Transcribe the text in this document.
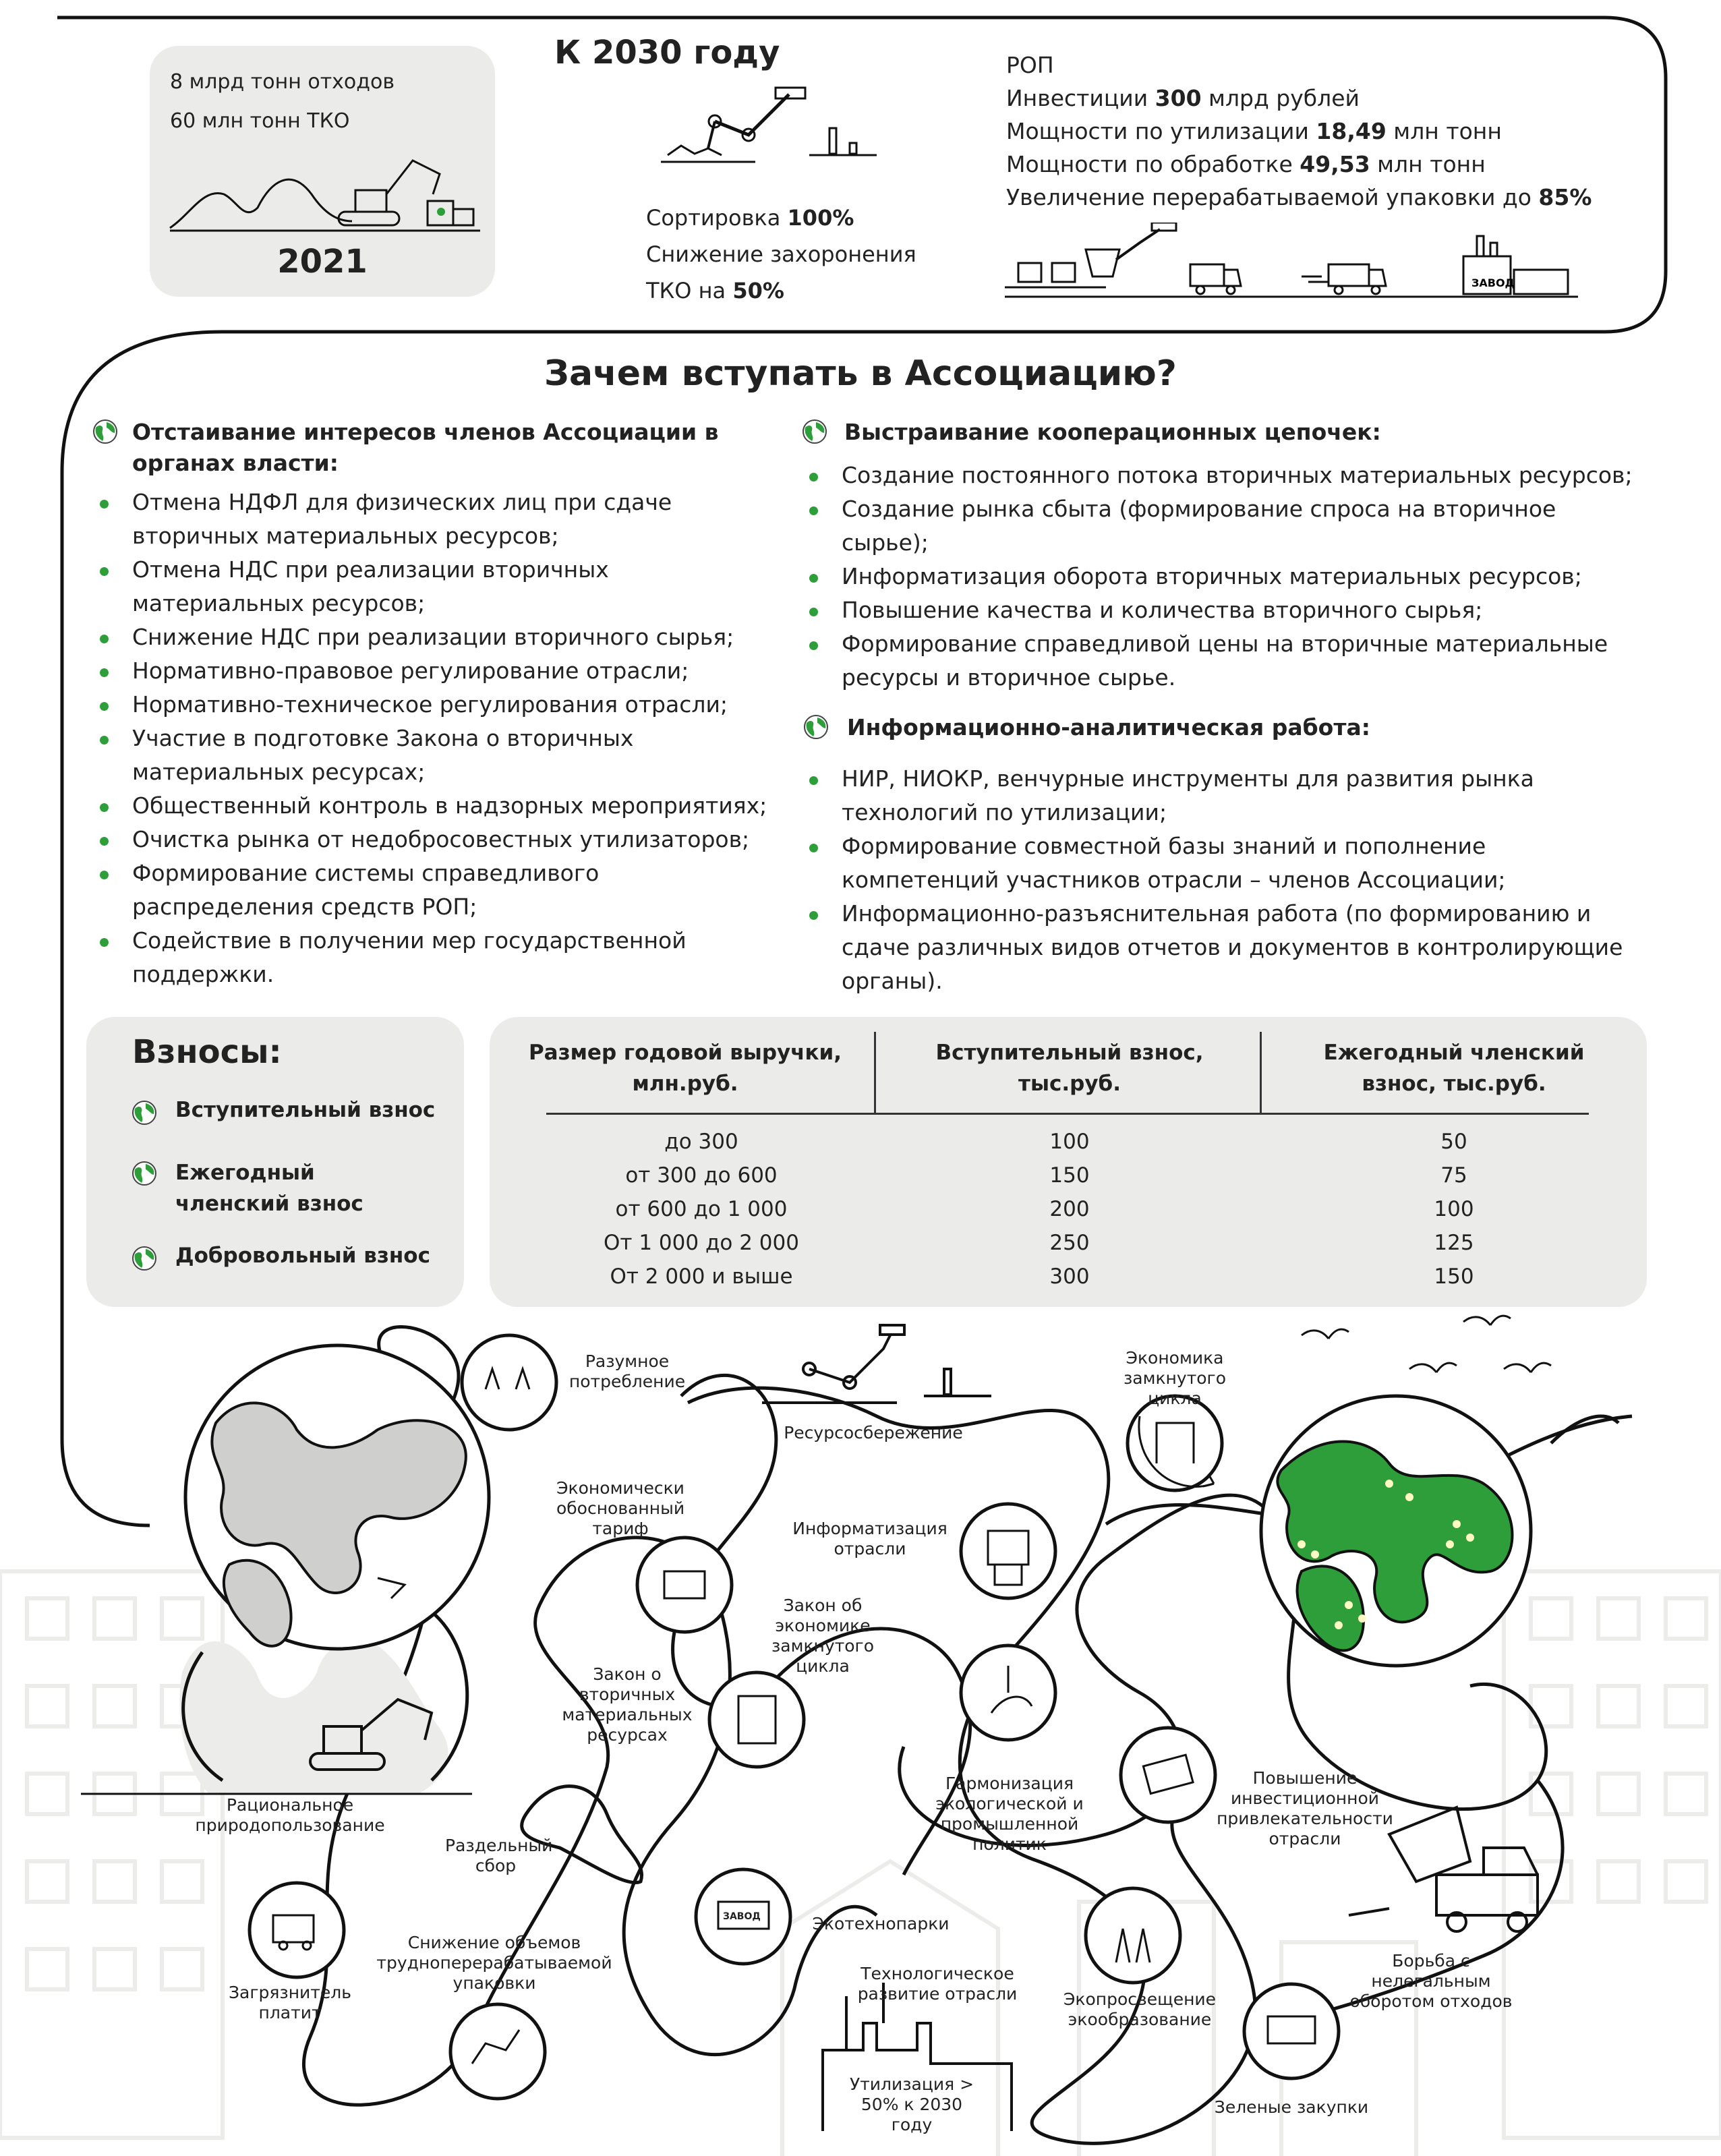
8 млрд тонн отходов
60 млн тонн ТКО
2021
К 2030 году
Сортировка 100%
Снижение захоронения
ТКО на 50%
РОП
Инвестиции 300 млрд рублей
Мощности по утилизации 18,49 млн тонн
Мощности по обработке 49,53 млн тонн
Увеличение перерабатываемой упаковки до 85%
ЗАВОД
Зачем вступать в Ассоциацию?
Отстаивание интересов членов Ассоциации в органах власти:
Отмена НДФЛ для физических лиц при сдаче вторичных материальных ресурсов;
Отмена НДС при реализации вторичных материальных ресурсов;
Снижение НДС при реализации вторичного сырья;
Нормативно-правовое регулирование отрасли;
Нормативно-техническое регулирования отрасли;
Участие в подготовке Закона о вторичных материальных ресурсах;
Общественный контроль в надзорных мероприятиях;
Очистка рынка от недобросовестных утилизаторов;
Формирование системы справедливого распределения средств РОП;
Содействие в получении мер государственной поддержки.
Выстраивание кооперационных цепочек:
Создание постоянного потока вторичных материальных ресурсов;
Создание рынка сбыта (формирование спроса на вторичное сырье);
Информатизация оборота вторичных материальных ресурсов;
Повышение качества и количества вторичного сырья;
Формирование справедливой цены на вторичные материальные ресурсы и вторичное сырье.
Информационно-аналитическая работа:
НИР, НИОКР, венчурные инструменты для развития рынка технологий по утилизации;
Формирование совместной базы знаний и пополнение компетенций участников отрасли – членов Ассоциации;
Информационно-разъяснительная работа (по формированию и сдаче различных видов отчетов и документов в контролирующие органы).
Взносы:
Вступительный взнос
Ежегодный членский взнос
Добровольный взнос
Размер годовой выручки, млн.руб.
Вступительный взнос, тыс.руб.
Ежегодный членский взнос, тыс.руб.
до 300	100	50
от 300 до 600	150	75
от 600 до 1 000	200	100
От 1 000 до 2 000	250	125
От 2 000 и выше	300	150
Разумное потребление
Ресурсосбережение
Экономика замкнутого цикла
Экономически обоснованный тариф	Информатизация отрасли
Закон об экономике замкнутого цикла
Закон о вторичных материальных ресурсах
Гармонизация экологической и промышленной политик
Повышение инвестиционной привлекательности отрасли
Рациональное природопользование
Раздельный сбор
Экотехнопарки
Борьба с нелегальным оборотом отходов
Загрязнитель платит
Снижение объемов трудноперерабатываемой упаковки	Технологическое развитие отрасли	Экопросвещение экообразование
Утилизация > 50% к 2030 году
Зеленые закупки
ЗАВОД
